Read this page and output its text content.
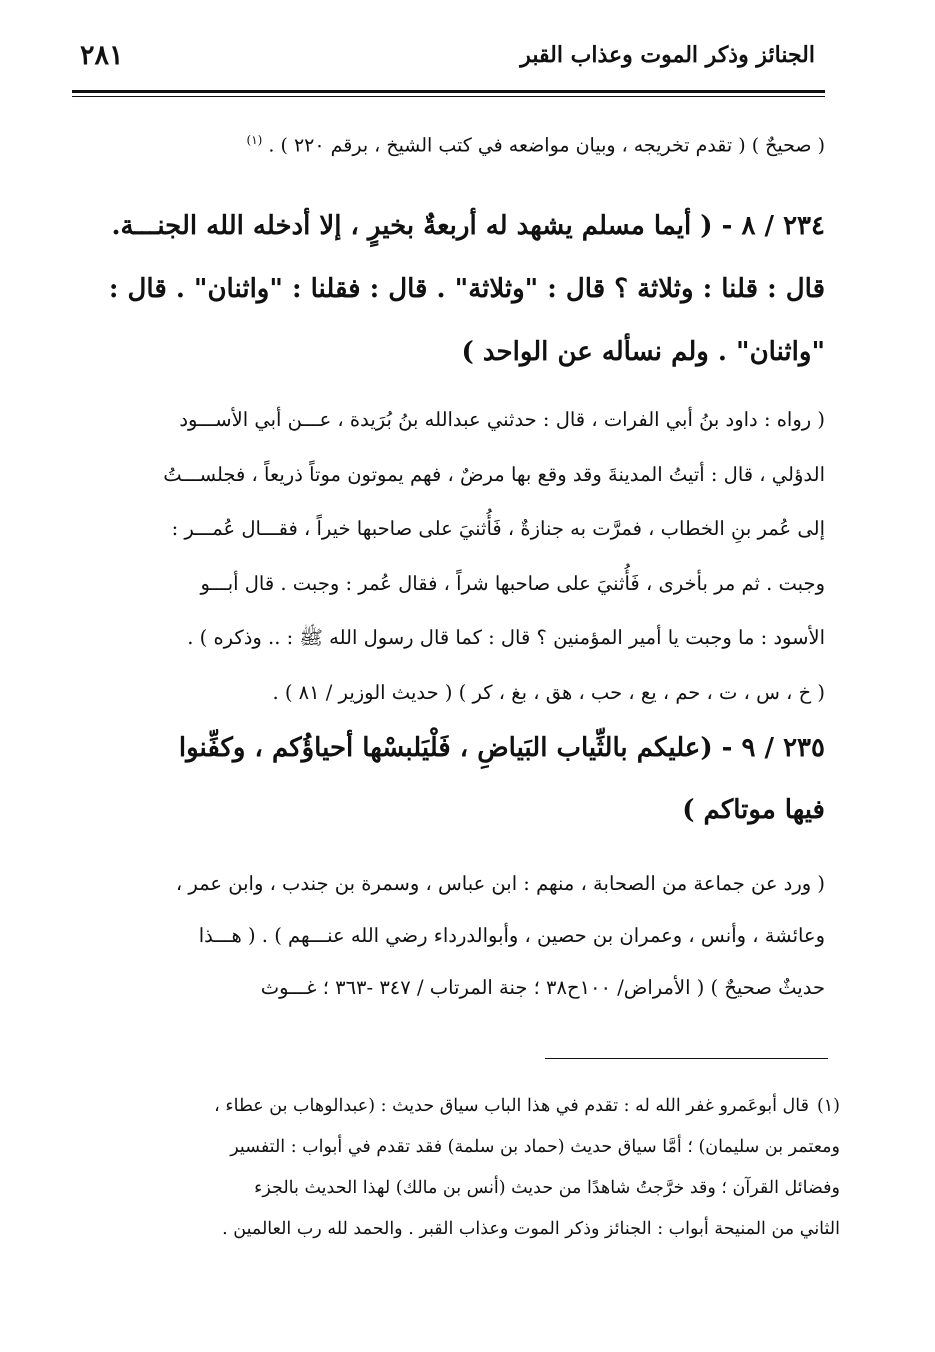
٢٨١	الجنائز وذكر الموت وعذاب القبر
( صحيحٌ ) ( تقدم تخريجه ، وبيان مواضعه في كتب الشيخ ، برقم ٢٢٠ ) . $^{(١)}$
٢٣٤ / ٨ - ( أيما مسلم يشهد له أربعةٌ بخيرٍ ، إلا أدخله الله الجنـــة.
قال : قلنا : وثلاثة ؟ قال : "وثلاثة" . قال : فقلنا : "واثنان" . قال :
"واثنان" . ولم نسأله عن الواحد )
( رواه : داود بنُ أبي الفرات ، قال : حدثني عبدالله بنُ بُرَيدة ، عـــن أبي الأســـود
الدؤلي ، قال : أتيتُ المدينةَ وقد وقع بها مرضٌ ، فهم يموتون موتاً ذريعاً ، فجلســـتُ
إلى عُمر بنِ الخطاب ، فمرَّت به جنازةٌ ، فَأُثنيَ على صاحبها خيراً ، فقـــال عُمـــر :
وجبت . ثم مر بأخرى ، فَأُثنيَ على صاحبها شراً ، فقال عُمر : وجبت . قال أبـــو
الأسود : ما وجبت يا أمير المؤمنين ؟ قال : كما قال رسول الله ﷺ : .. وذكره ) .
( خ ، س ، ت ، حم ، يع ، حب ، هق ، بغ ، كر ) ( حديث الوزير / ٨١ ) .
٢٣٥ / ٩ - (عليكم بالثِّياب البَياضِ ، فَلْيَلبسْها أحياؤُكم ، وكفِّنوا
فيها موتاكم )
( ورد عن جماعة من الصحابة ، منهم : ابن عباس ، وسمرة بن جندب ، وابن عمر ،
وعائشة ، وأنس ، وعمران بن حصين ، وأبوالدرداء رضي الله عنـــهم ) . ( هـــذا
حديثٌ صحيحٌ ) ( الأمراض/ ١٠٠ح٣٨ ؛ جنة المرتاب / ٣٤٧ -٣٦٣ ؛ غـــوث
(١)قال أبوعَمرو غفر الله له : تقدم في هذا الباب سياق حديث : (عبدالوهاب بن عطاء ،
ومعتمر بن سليمان) ؛ أمَّا سياق حديث (حماد بن سلمة) فقد تقدم في أبواب : التفسير
وفضائل القرآن ؛ وقد خرَّجتُ شاهدًا من حديث (أنس بن مالك) لهذا الحديث بالجزء
الثاني من المنيحة أبواب : الجنائز وذكر الموت وعذاب القبر . والحمد لله رب العالمين .
